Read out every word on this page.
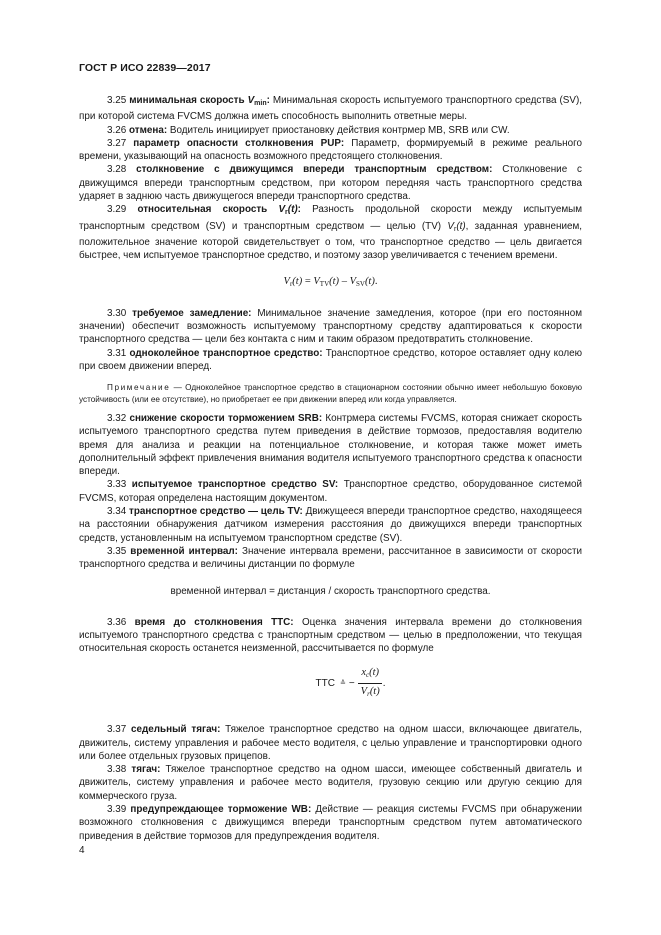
ГОСТ Р ИСО 22839—2017

3.25 минимальная скорость $V_{min}$: Минимальная скорость испытуемого транспортного средства (SV), при которой система FVCMS должна иметь способность выполнить ответные меры.

3.26 отмена: Водитель инициирует приостановку действия контрмер MB, SRB или CW.

3.27 параметр опасности столкновения PUP: Параметр, формируемый в режиме реального времени, указывающий на опасность возможного предстоящего столкновения.

3.28 столкновение с движущимся впереди транспортным средством: Столкновение с движущимся впереди транспортным средством, при котором передняя часть транспортного средства ударяет в заднюю часть движущегося впереди транспортного средства.

3.29 относительная скорость $V_r(t)$: Разность продольной скорости между испытуемым транспортным средством (SV) и транспортным средством — целью (TV) $V_r(t)$, заданная уравнением, положительное значение которой свидетельствует о том, что транспортное средство — цель двигается быстрее, чем испытуемое транспортное средство, и поэтому зазор увеличивается с течением времени.

$V_r(t) = V_{TV}(t) - V_{SV}(t)$.

3.30 требуемое замедление: Минимальное значение замедления, которое (при его постоянном значении) обеспечит возможность испытуемому транспортному средству адаптироваться к скорости транспортного средства — цели без контакта с ним и таким образом предотвратить столкновение.

3.31 одноколейное транспортное средство: Транспортное средство, которое оставляет одну колею при своем движении вперед.

Примечание — Одноколейное транспортное средство в стационарном состоянии обычно имеет небольшую боковую устойчивость (или ее отсутствие), но приобретает ее при движении вперед или когда управляется.

3.32 снижение скорости торможением SRB: Контрмера системы FVCMS, которая снижает скорость испытуемого транспортного средства путем приведения в действие тормозов, предоставляя водителю время для анализа и реакции на потенциальное столкновение, и которая также может иметь дополнительный эффект привлечения внимания водителя испытуемого транспортного средства к опасности впереди.

3.33 испытуемое транспортное средство SV: Транспортное средство, оборудованное системой FVCMS, которая определена настоящим документом.

3.34 транспортное средство — цель TV: Движущееся впереди транспортное средство, находящееся на расстоянии обнаружения датчиком измерения расстояния до движущихся впереди транспортных средств, установленным на испытуемом транспортном средстве (SV).

3.35 временной интервал: Значение интервала времени, рассчитанное в зависимости от скорости транспортного средства и величины дистанции по формуле

временной интервал = дистанция / скорость транспортного средства.

3.36 время до столкновения TTC: Оценка значения интервала времени до столкновения испытуемого транспортного средства с транспортным средством — целью в предположении, что текущая относительная скорость останется неизменной, рассчитывается по формуле

TTC ≙ − $\frac{x_c(t)}{V_r(t)}$ .

3.37 седельный тягач: Тяжелое транспортное средство на одном шасси, включающее двигатель, движитель, систему управления и рабочее место водителя, с целью управление и транспортировки одного или более отдельных грузовых прицепов.

3.38 тягач: Тяжелое транспортное средство на одном шасси, имеющее собственный двигатель и движитель, систему управления и рабочее место водителя, грузовую секцию или другую секцию для коммерческого груза.

3.39 предупреждающее торможение WB: Действие — реакция системы FVCMS при обнаружении возможного столкновения с движущимся впереди транспортным средством путем автоматического приведения в действие тормозов для предупреждения водителя.

4
